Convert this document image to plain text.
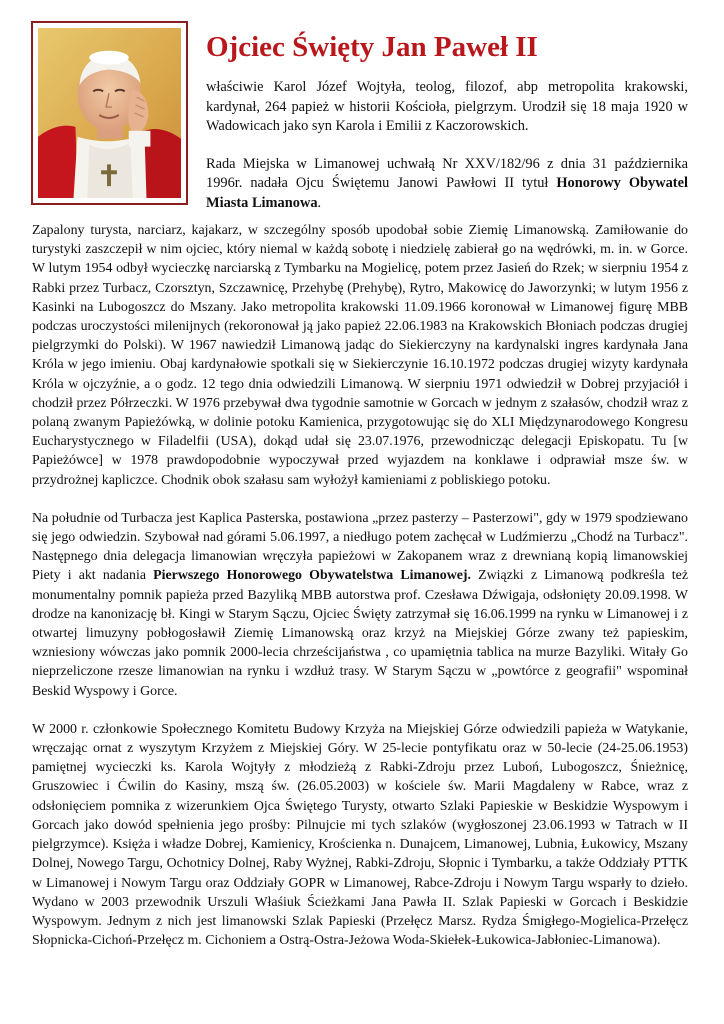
Ojciec Święty Jan Paweł II

właściwie Karol Józef Wojtyła, teolog, filozof, abp metropolita krakowski, kardynał, 264 papież w historii Kościoła, pielgrzym. Urodził się 18 maja 1920 w Wadowicach jako syn Karola i Emilii z Kaczorowskich.

Rada Miejska w Limanowej uchwałą Nr XXV/182/96 z dnia 31 października 1996r. nadała Ojcu Świętemu Janowi Pawłowi II tytuł Honorowy Obywatel Miasta Limanowa.

Zapalony turysta, narciarz, kajakarz, w szczególny sposób upodobał sobie Ziemię Limanowską. Zamiłowanie do turystyki zaszczepił w nim ojciec, który niemal w każdą sobotę i niedzielę zabierał go na wędrówki, m. in. w Gorce. W lutym 1954 odbył wycieczkę narciarską z Tymbarku na Mogielicę, potem przez Jasień do Rzek; w sierpniu 1954 z Rabki przez Turbacz, Czorsztyn, Szczawnicę, Przehybę (Prehybę), Rytro, Makowicę do Jaworzynki; w lutym 1956 z Kasinki na Lubogoszcz do Mszany. Jako metropolita krakowski 11.09.1966 koronował w Limanowej figurę MBB podczas uroczystości milenijnych (rekoronował ją jako papież 22.06.1983 na Krakowskich Błoniach podczas drugiej pielgrzymki do Polski). W 1967 nawiedził Limanową jadąc do Siekierczyny na kardynalski ingres kardynała Jana Króla w jego imieniu. Obaj kardynałowie spotkali się w Siekierczynie 16.10.1972 podczas drugiej wizyty kardynała Króla w ojczyźnie, a o godz. 12 tego dnia odwiedzili Limanową. W sierpniu 1971 odwiedził w Dobrej przyjaciół i chodził przez Półrzeczki. W 1976 przebywał dwa tygodnie samotnie w Gorcach w jednym z szałasów, chodził wraz z polaną zwanym Papieżówką, w dolinie potoku Kamienica, przygotowując się do XLI Międzynarodowego Kongresu Eucharystycznego w Filadelfii (USA), dokąd udał się 23.07.1976, przewodnicząc delegacji Episkopatu. Tu [w Papieżówce] w 1978 prawdopodobnie wypoczywał przed wyjazdem na konklawe i odprawiał msze św. w przydrożnej kapliczce. Chodnik obok szałasu sam wyłożył kamieniami z pobliskiego potoku.

Na południe od Turbacza jest Kaplica Pasterska, postawiona „przez pasterzy – Pasterzowi", gdy w 1979 spodziewano się jego odwiedzin. Szybował nad górami 5.06.1997, a niedługo potem zachęcał w Ludźmierzu „Chodź na Turbacz". Następnego dnia delegacja limanowian wręczyła papieżowi w Zakopanem wraz z drewnianą kopią limanowskiej Piety i akt nadania Pierwszego Honorowego Obywatelstwa Limanowej. Związki z Limanową podkreśla też monumentalny pomnik papieża przed Bazyliką MBB autorstwa prof. Czesława Dźwigaja, odsłonięty 20.09.1998. W drodze na kanonizację bł. Kingi w Starym Sączu, Ojciec Święty zatrzymał się 16.06.1999 na rynku w Limanowej i z otwartej limuzyny pobłogosławił Ziemię Limanowską oraz krzyż na Miejskiej Górze zwany też papieskim, wzniesiony wówczas jako pomnik 2000-lecia chrześcijaństwa , co upamiętnia tablica na murze Bazyliki. Witały Go nieprzeliczone rzesze limanowian na rynku i wzdłuż trasy. W Starym Sączu w „powtórce z geografii" wspominał Beskid Wyspowy i Gorce.

W 2000 r. członkowie Społecznego Komitetu Budowy Krzyża na Miejskiej Górze odwiedzili papieża w Watykanie, wręczając ornat z wyszytym Krzyżem z Miejskiej Góry. W 25-lecie pontyfikatu oraz w 50-lecie (24-25.06.1953) pamiętnej wycieczki ks. Karola Wojtyły z młodzieżą z Rabki-Zdroju przez Luboń, Lubogoszcz, Śnieżnicę, Gruszowiec i Ćwilin do Kasiny, mszą św. (26.05.2003) w kościele św. Marii Magdaleny w Rabce, wraz z odsłonięciem pomnika z wizerunkiem Ojca Świętego Turysty, otwarto Szlaki Papieskie w Beskidzie Wyspowym i Gorcach jako dowód spełnienia jego prośby: Pilnujcie mi tych szlaków (wygłoszonej 23.06.1993 w Tatrach w II pielgrzymce). Księża i władze Dobrej, Kamienicy, Krościenka n. Dunajcem, Limanowej, Lubnia, Łukowicy, Mszany Dolnej, Nowego Targu, Ochotnicy Dolnej, Raby Wyżnej, Rabki-Zdroju, Słopnic i Tymbarku, a także Oddziały PTTK w Limanowej i Nowym Targu oraz Oddziały GOPR w Limanowej, Rabce-Zdroju i Nowym Targu wsparły to dzieło. Wydano w 2003 przewodnik Urszuli Właśiuk Ścieżkami Jana Pawła II. Szlak Papieski w Gorcach i Beskidzie Wyspowym. Jednym z nich jest limanowski Szlak Papieski (Przełęcz Marsz. Rydza Śmigłego-Mogielica-Przełęcz Słopnicka-Cichoń-Przełęcz m. Cichoniem a Ostrą-Ostra-Jeżowa Woda-Skiełek-Łukowica-Jabłoniec-Limanowa).
